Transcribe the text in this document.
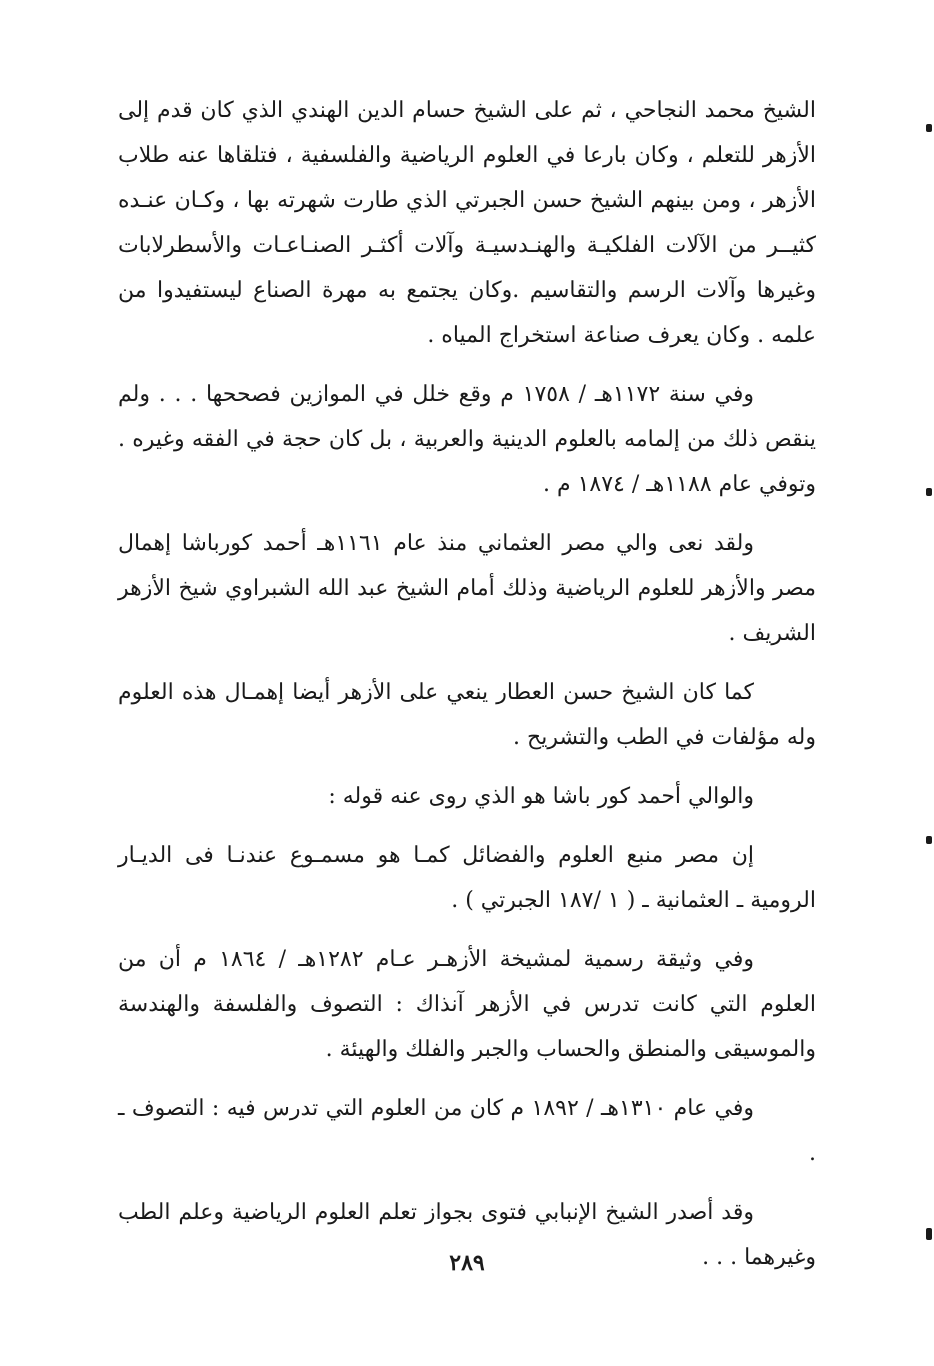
الشيخ محمد النجاحي ، ثم على الشيخ حسام الدين الهندي الذي كان قدم إلى الأزهر للتعلم ، وكان بارعا في العلوم الرياضية والفلسفية ، فتلقاها عنه طلاب الأزهر ، ومن بينهم الشيخ حسن الجبرتي الذي طارت شهرته بها ، وكـان عنـده كثيــر من الآلات الفلكيـة والهنـدسيـة وآلات أكثـر الصنـاعـات والأسطرلابات وغيرها وآلات الرسم والتقاسيم .وكان يجتمع به مهرة الصناع ليستفيدوا من علمه . وكان يعرف صناعة استخراج المياه .

وفي سنة ١١٧٢هـ / ١٧٥٨ م وقع خلل في الموازين فصححها . . . ولم ينقص ذلك من إلمامه بالعلوم الدينية والعربية ، بل كان حجة في الفقه وغيره . وتوفي عام ١١٨٨هـ / ١٨٧٤ م .

ولقد نعى والي مصر العثماني منذ عام ١١٦١هـ أحمد كورباشا إهمال مصر والأزهر للعلوم الرياضية وذلك أمام الشيخ عبد الله الشبراوي شيخ الأزهر الشريف .

كما كان الشيخ حسن العطار ينعي على الأزهر أيضا إهمـال هذه العلوم وله مؤلفات في الطب والتشريح .

والوالي أحمد كور باشا هو الذي روى عنه قوله :

إن مصر منبع العلوم والفضائل كمـا هو مسمـوع عندنـا فى الديـار الرومية ـ العثمانية ـ ( ١ /١٨٧ الجبرتي ) .

وفي وثيقة رسمية لمشيخة الأزهـر عـام ١٢٨٢هـ / ١٨٦٤ م أن من العلوم التي كانت تدرس في الأزهر آنذاك : التصوف والفلسفة والهندسة والموسيقى والمنطق والحساب والجبر والفلك والهيئة .

وفي عام ١٣١٠هـ / ١٨٩٢ م كان من العلوم التي تدرس فيه : التصوف ـ .

وقد أصدر الشيخ الإنبابي فتوى بجواز تعلم العلوم الرياضية وعلم الطب وغيرهما . . .

٢٨٩
